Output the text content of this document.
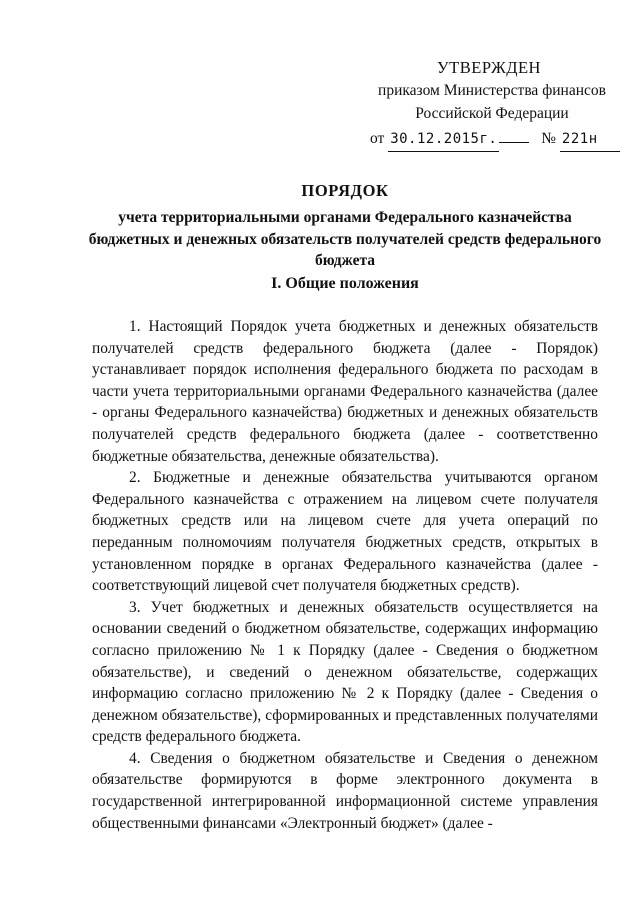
УТВЕРЖДЕН
приказом Министерства финансов
Российской Федерации
от 30.12.2015г.	№ 221н
ПОРЯДОК
учета территориальными органами Федерального казначейства бюджетных и денежных обязательств получателей средств федерального бюджета
I. Общие положения

1. Настоящий Порядок учета бюджетных и денежных обязательств получателей средств федерального бюджета (далее - Порядок) устанавливает порядок исполнения федерального бюджета по расходам в части учета территориальными органами Федерального казначейства (далее - органы Федерального казначейства) бюджетных и денежных обязательств получателей средств федерального бюджета (далее - соответственно бюджетные обязательства, денежные обязательства).

2. Бюджетные и денежные обязательства учитываются органом Федерального казначейства с отражением на лицевом счете получателя бюджетных средств или на лицевом счете для учета операций по переданным полномочиям получателя бюджетных средств, открытых в установленном порядке в органах Федерального казначейства (далее - соответствующий лицевой счет получателя бюджетных средств).

3. Учет бюджетных и денежных обязательств осуществляется на основании сведений о бюджетном обязательстве, содержащих информацию согласно приложению № 1 к Порядку (далее - Сведения о бюджетном обязательстве), и сведений о денежном обязательстве, содержащих информацию согласно приложению № 2 к Порядку (далее - Сведения о денежном обязательстве), сформированных и представленных получателями средств федерального бюджета.

4. Сведения о бюджетном обязательстве и Сведения о денежном обязательстве формируются в форме электронного документа в государственной интегрированной информационной системе управления общественными финансами «Электронный бюджет» (далее -
